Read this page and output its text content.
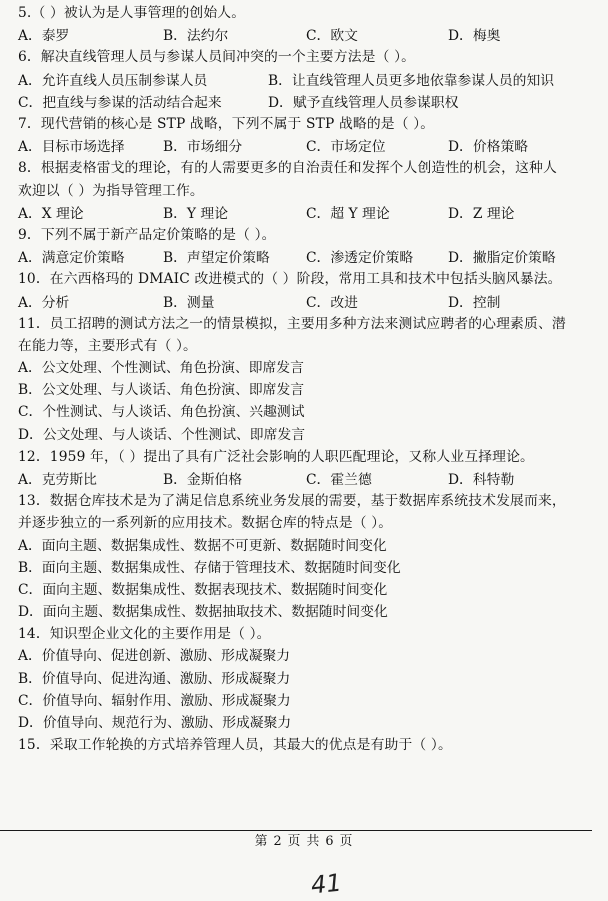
5.（ ）被认为是人事管理的创始人。
A．泰罗	B．法约尔	C．欧文	D．梅奥
6．解决直线管理人员与参谋人员间冲突的一个主要方法是（ ）。
A．允许直线人员压制参谋人员	B．让直线管理人员更多地依靠参谋人员的知识
C．把直线与参谋的活动结合起来	D．赋予直线管理人员参谋职权
7．现代营销的核心是 STP 战略，下列不属于 STP 战略的是（ ）。
A．目标市场选择	B．市场细分	C．市场定位	D．价格策略
8．根据麦格雷戈的理论，有的人需要更多的自治责任和发挥个人创造性的机会，这种人
欢迎以（ ）为指导管理工作。
A．X 理论	B．Y 理论	C．超 Y 理论	D．Z 理论
9．下列不属于新产品定价策略的是（ ）。
A．满意定价策略	B．声望定价策略	C．渗透定价策略	D．撇脂定价策略
10．在六西格玛的 DMAIC 改进模式的（ ）阶段，常用工具和技术中包括头脑风暴法。
A．分析	B．测量	C．改进	D．控制
11．员工招聘的测试方法之一的情景模拟，主要用多种方法来测试应聘者的心理素质、潜
在能力等，主要形式有（ ）。
A．公文处理、个性测试、角色扮演、即席发言
B．公文处理、与人谈话、角色扮演、即席发言
C．个性测试、与人谈话、角色扮演、兴趣测试
D．公文处理、与人谈话、个性测试、即席发言
12．1959 年，（ ）提出了具有广泛社会影响的人职匹配理论，又称人业互择理论。
A．克劳斯比	B．金斯伯格	C．霍兰德	D．科特勒
13．数据仓库技术是为了满足信息系统业务发展的需要，基于数据库系统技术发展而来，
并逐步独立的一系列新的应用技术。数据仓库的特点是（ ）。
A．面向主题、数据集成性、数据不可更新、数据随时间变化
B．面向主题、数据集成性、存储于管理技术、数据随时间变化
C．面向主题、数据集成性、数据表现技术、数据随时间变化
D．面向主题、数据集成性、数据抽取技术、数据随时间变化
14．知识型企业文化的主要作用是（ ）。
A．价值导向、促进创新、激励、形成凝聚力
B．价值导向、促进沟通、激励、形成凝聚力
C．价值导向、辐射作用、激励、形成凝聚力
D．价值导向、规范行为、激励、形成凝聚力
15．采取工作轮换的方式培养管理人员，其最大的优点是有助于（ ）。
第 2 页 共 6 页
41
